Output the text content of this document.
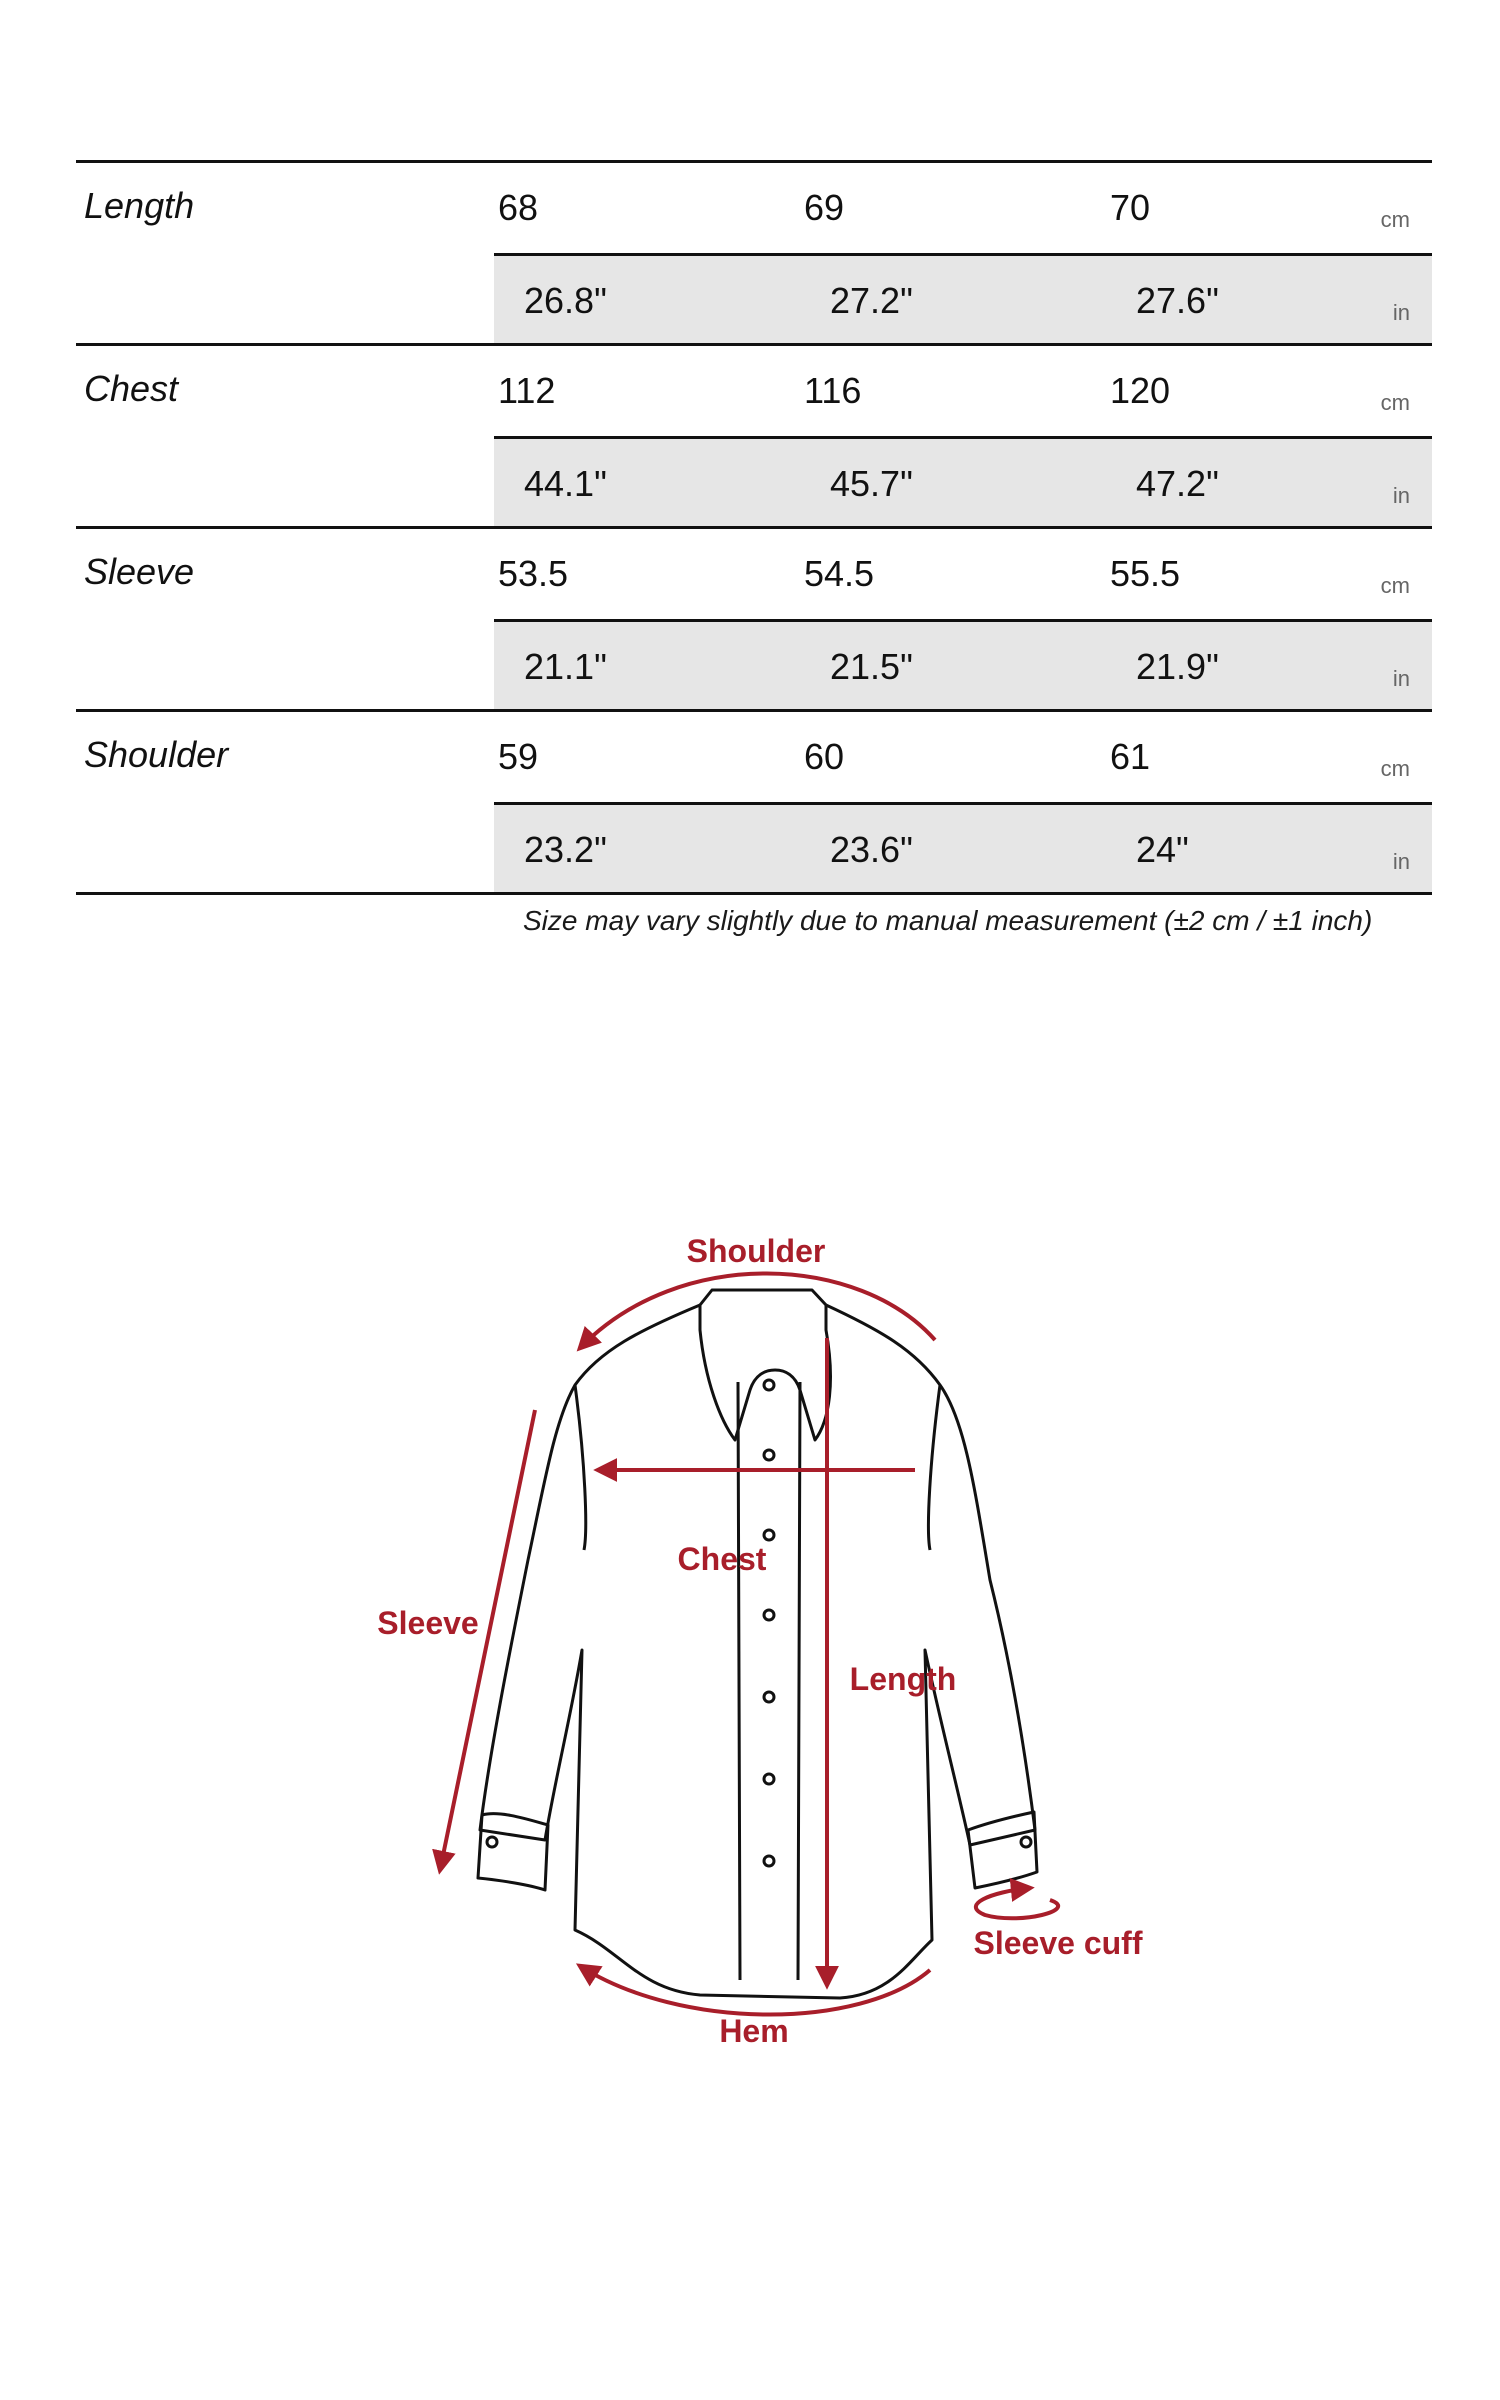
Length	68	69	70	cm
26.8"	27.2"	27.6"	in
Chest	112	116	120	cm
44.1"	45.7"	47.2"	in
Sleeve	53.5	54.5	55.5	cm
21.1"	21.5"	21.9"	in
Shoulder	59	60	61	cm
23.2"	23.6"	24"	in
Size may vary slightly due to manual measurement (±2 cm / ±1 inch)
Shoulder
Chest
Sleeve
Length
Sleeve cuff
Hem
